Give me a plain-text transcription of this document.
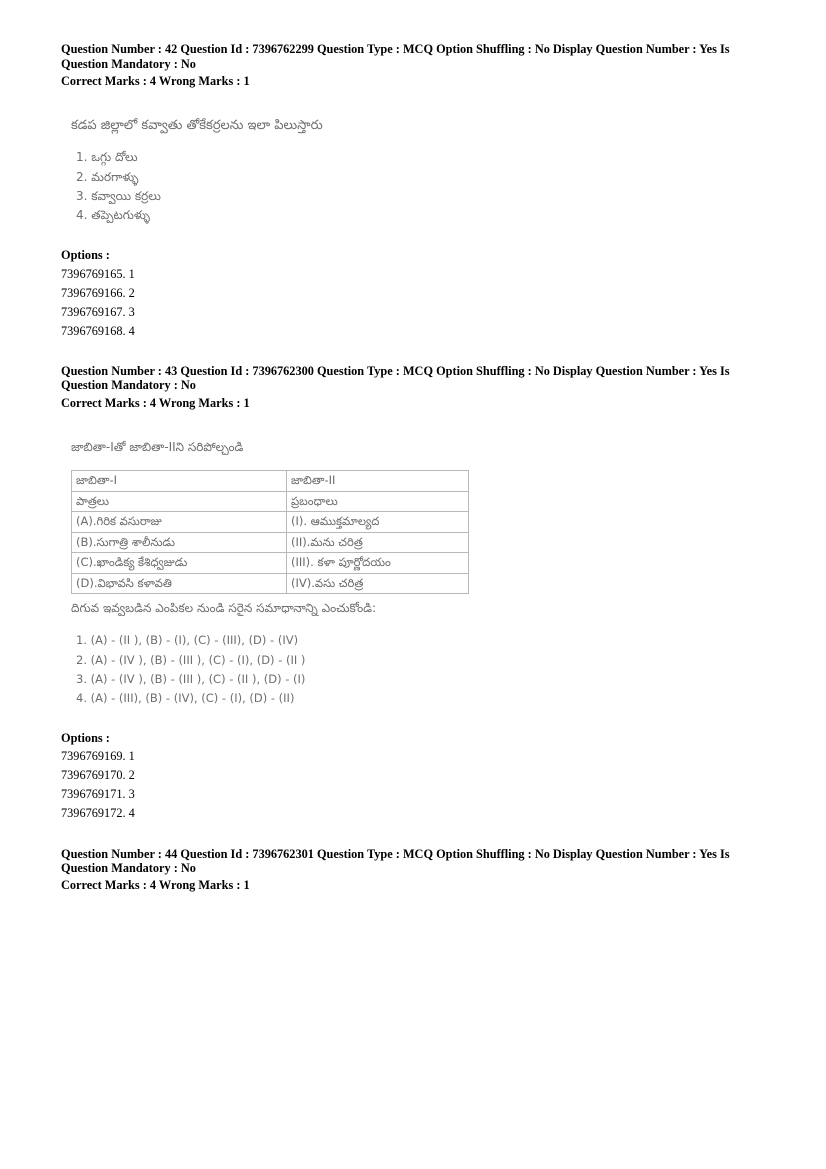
Question Number : 42 Question Id : 7396762299 Question Type : MCQ Option Shuffling : No Display Question Number : Yes Is
Question Mandatory : No
Correct Marks : 4 Wrong Marks : 1
కడప జిల్లాలో కవ్వాతు తోకేకర్రలను ఇలా పిలుస్తారు
1. ఒగ్గు దోలు
2. మరగాళ్ళు
3. కవ్వాయి కర్రలు
4. తప్పెటగుళ్ళు
Options :
7396769165. 1
7396769166. 2
7396769167. 3
7396769168. 4
Question Number : 43 Question Id : 7396762300 Question Type : MCQ Option Shuffling : No Display Question Number : Yes Is
Question Mandatory : No
Correct Marks : 4 Wrong Marks : 1
జాబితా-Iతో జాబితా-IIని సరిపోల్చండి
జాబితా-I	జాబితా-II
పాత్రలు	ప్రబంధాలు
(A).గిరిక వసురాజు	(I). ఆముక్తమాల్యద
(B).సుగాత్రి శాలీనుడు	(II).మను చరిత్ర
(C).ఖాండిక్య కేశిధ్వజుడు	(III). కళా పూర్ణోదయం
(D).విభావసి కళావతి	(IV).వసు చరిత్ర
దిగువ ఇవ్వబడిన ఎంపికల నుండి సరైన సమాధానాన్ని ఎంచుకోండి:
1. (A) - (II ), (B) - (I), (C) - (III), (D) - (IV)
2. (A) - (IV ), (B) - (III ), (C) - (I), (D) - (II )
3. (A) - (IV ), (B) - (III ), (C) - (II ), (D) - (I)
4. (A) - (III), (B) - (IV), (C) - (I), (D) - (II)
Options :
7396769169. 1
7396769170. 2
7396769171. 3
7396769172. 4
Question Number : 44 Question Id : 7396762301 Question Type : MCQ Option Shuffling : No Display Question Number : Yes Is
Question Mandatory : No
Correct Marks : 4 Wrong Marks : 1
